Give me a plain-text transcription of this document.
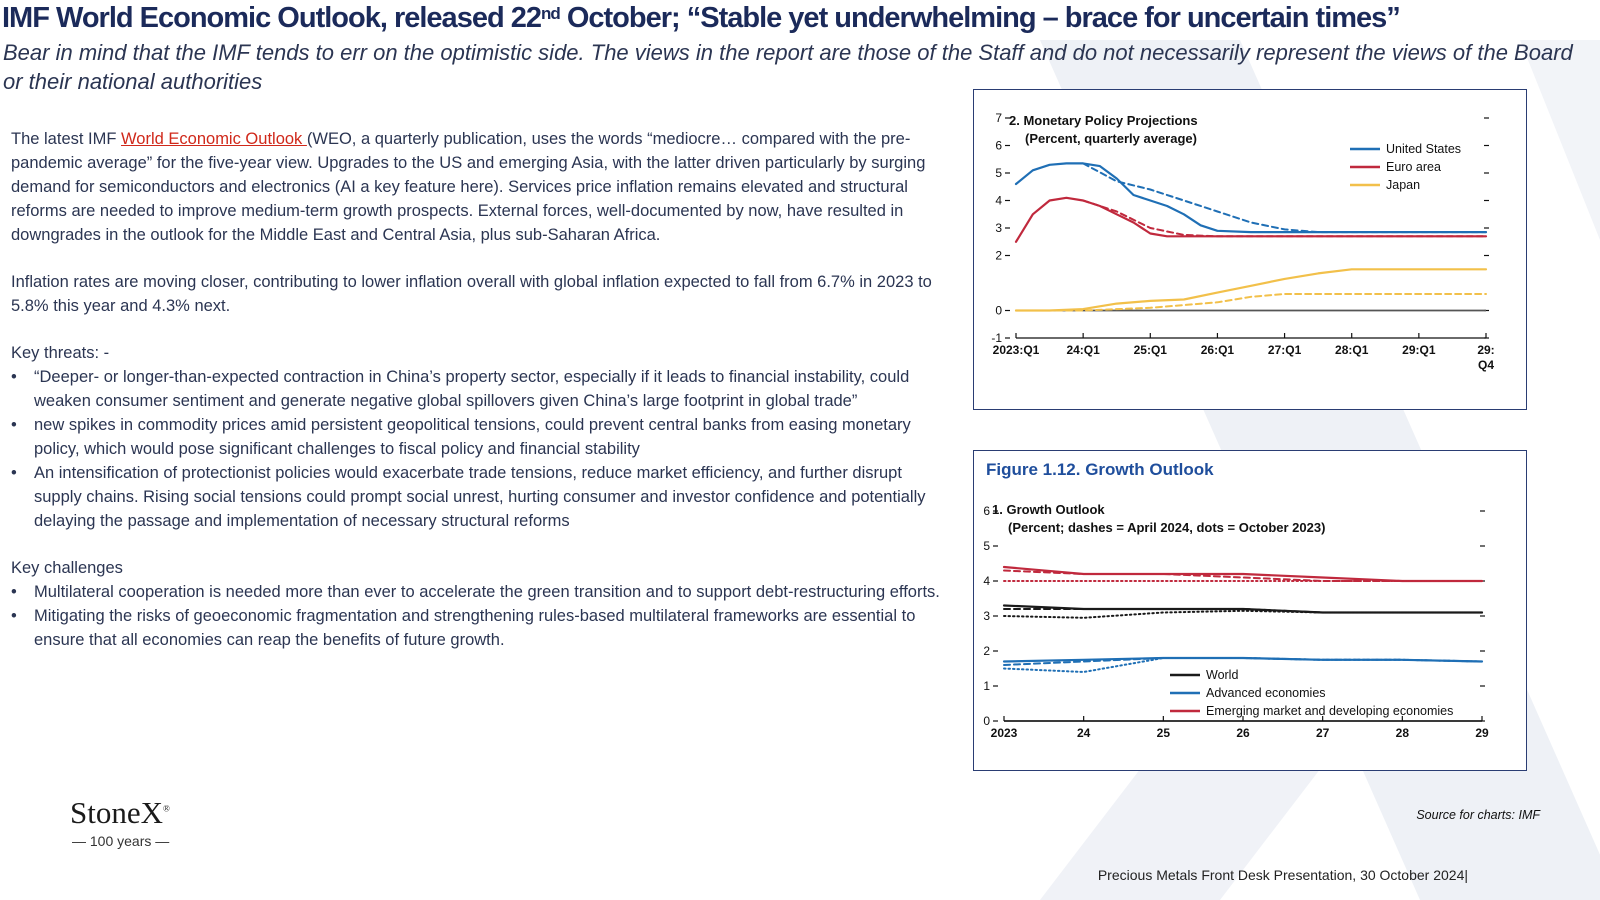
IMF World Economic Outlook, released 22nd October; “Stable yet underwhelming – brace for uncertain times”
Bear in mind that the IMF tends to err on the optimistic side. The views in the report are those of the Staff and do not necessarily represent the views of the Board or their national authorities

The latest IMF World Economic Outlook (WEO, a quarterly publication, uses the words “mediocre… compared with the pre-pandemic average” for the five-year view. Upgrades to the US and emerging Asia, with the latter driven particularly by surging demand for semiconductors and electronics (AI a key feature here). Services price inflation remains elevated and structural reforms are needed to improve medium-term growth prospects. External forces, well-documented by now, have resulted in downgrades in the outlook for the Middle East and Central Asia, plus sub-Saharan Africa.

Inflation rates are moving closer, contributing to lower inflation overall with global inflation expected to fall from 6.7% in 2023 to 5.8% this year and 4.3% next.

Key threats: -
• “Deeper- or longer-than-expected contraction in China’s property sector, especially if it leads to financial instability, could weaken consumer sentiment and generate negative global spillovers given China’s large footprint in global trade”
• new spikes in commodity prices amid persistent geopolitical tensions, could prevent central banks from easing monetary policy, which would pose significant challenges to fiscal policy and financial stability
• An intensification of protectionist policies would exacerbate trade tensions, reduce market efficiency, and further disrupt supply chains. Rising social tensions could prompt social unrest, hurting consumer and investor confidence and potentially delaying the passage and implementation of necessary structural reforms
Key challenges
• Multilateral cooperation is needed more than ever to accelerate the green transition and to support debt-restructuring efforts.
• Mitigating the risks of geoeconomic fragmentation and strengthening rules-based multilateral frameworks are essential to ensure that all economies can reap the benefits of future growth.
2. Monetary Policy Projections
(Percent, quarterly average)
-1
0
2
3
4
5
6
7
2023:Q1 24:Q1	25:Q1	26:Q1	27:Q1	28:Q1	29:Q1	29:
Q4
United States
Euro area
Japan
Figure 1.12. Growth Outlook
1. Growth Outlook
(Percent; dashes = April 2024, dots = October 2023)
0
1
2
3
4
5
6
2023	24	25	26	27	28	29
World
Advanced economies
Emerging market and developing economies
StoneX®
— 100 years —
Source for charts: IMF
Precious Metals Front Desk Presentation, 30 October 2024|
